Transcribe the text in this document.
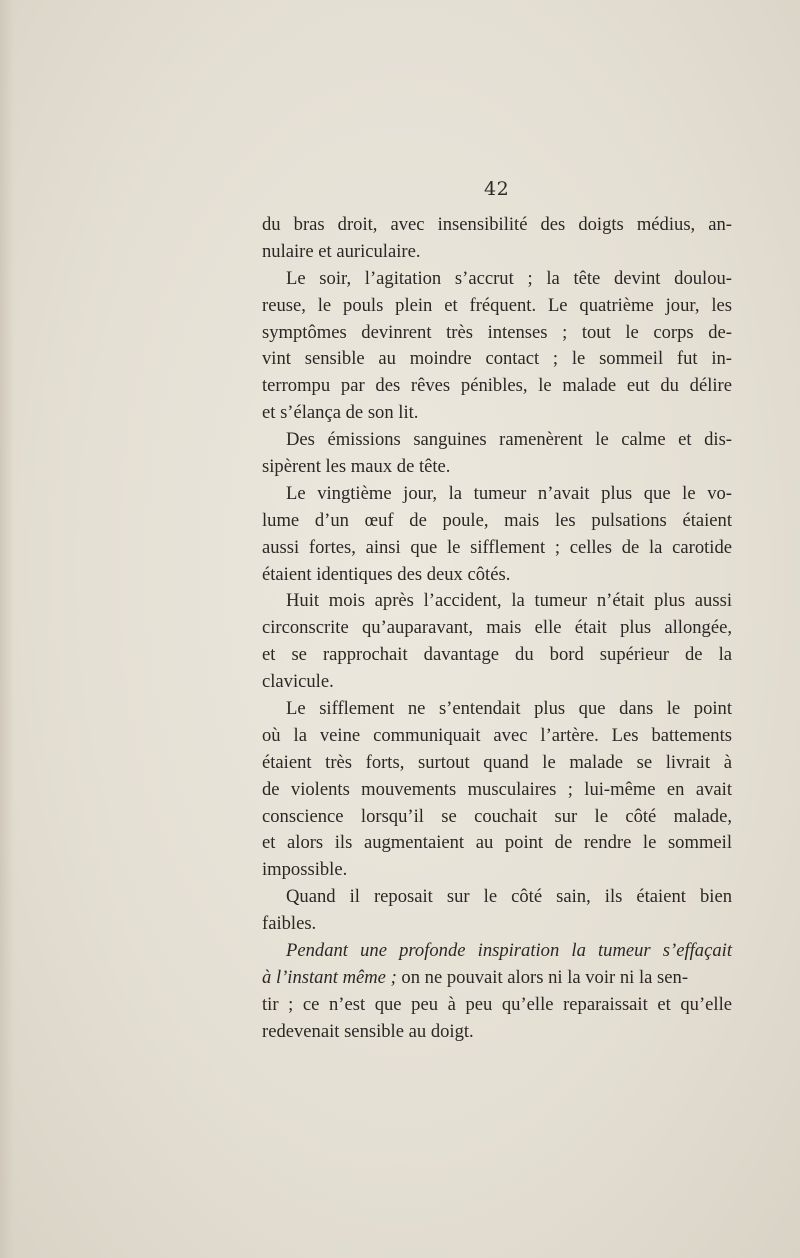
42
du bras droit, avec insensibilité des doigts médius, an-
nulaire et auriculaire.
Le soir, l’agitation s’accrut ; la tête devint doulou-
reuse, le pouls plein et fréquent. Le quatrième jour, les
symptômes devinrent très intenses ; tout le corps de-
vint sensible au moindre contact ; le sommeil fut in-
terrompu par des rêves pénibles, le malade eut du délire
et s’élança de son lit.
Des émissions sanguines ramenèrent le calme et dis-
sipèrent les maux de tête.
Le vingtième jour, la tumeur n’avait plus que le vo-
lume d’un œuf de poule, mais les pulsations étaient
aussi fortes, ainsi que le sifflement ; celles de la carotide
étaient identiques des deux côtés.
Huit mois après l’accident, la tumeur n’était plus aussi
circonscrite qu’auparavant, mais elle était plus allongée,
et se rapprochait davantage du bord supérieur de la
clavicule.
Le sifflement ne s’entendait plus que dans le point
où la veine communiquait avec l’artère. Les battements
étaient très forts, surtout quand le malade se livrait à
de violents mouvements musculaires ; lui-même en avait
conscience lorsqu’il se couchait sur le côté malade,
et alors ils augmentaient au point de rendre le sommeil
impossible.
Quand il reposait sur le côté sain, ils étaient bien
faibles.
Pendant une profonde inspiration la tumeur s’effaçait
à l’instant même ; on ne pouvait alors ni la voir ni la sen-
tir ; ce n’est que peu à peu qu’elle reparaissait et qu’elle
redevenait sensible au doigt.
